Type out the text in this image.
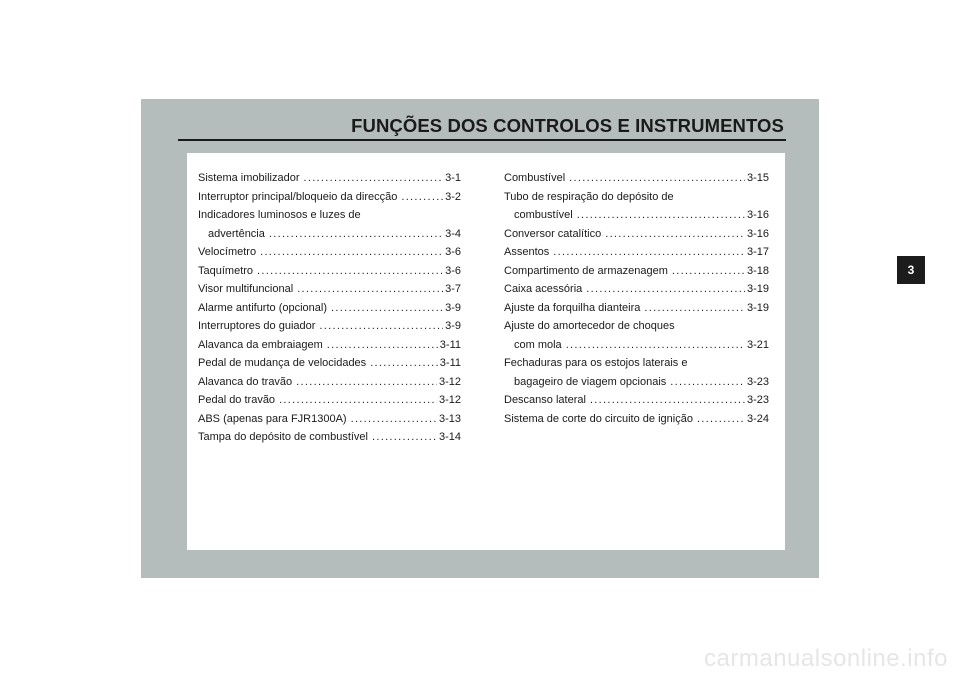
FUNÇÕES DOS CONTROLOS E INSTRUMENTOS
Sistema imobilizador .....	3-1
Interruptor principal/bloqueio da direcção .....	3-2
Indicadores luminosos e luzes de
advertência .....	3-4
Velocímetro .....	3-6
Taquímetro .....	3-6
Visor multifuncional .....	3-7
Alarme antifurto (opcional) .....	3-9
Interruptores do guiador .....	3-9
Alavanca da embraiagem .....	3-11
Pedal de mudança de velocidades .....	3-11
Alavanca do travão .....	3-12
Pedal do travão .....	3-12
ABS (apenas para FJR1300A) .....	3-13
Tampa do depósito de combustível .....	3-14
Combustível .....	3-15
Tubo de respiração do depósito de
combustível .....	3-16
Conversor catalítico .....	3-16
Assentos .....	3-17
Compartimento de armazenagem .....	3-18
Caixa acessória .....	3-19
Ajuste da forquilha dianteira .....	3-19
Ajuste do amortecedor de choques
com mola .....	3-21
Fechaduras para os estojos laterais e
bagageiro de viagem opcionais .....	3-23
Descanso lateral .....	3-23
Sistema de corte do circuito de ignição .....	3-24
3
carmanualsonline.info
